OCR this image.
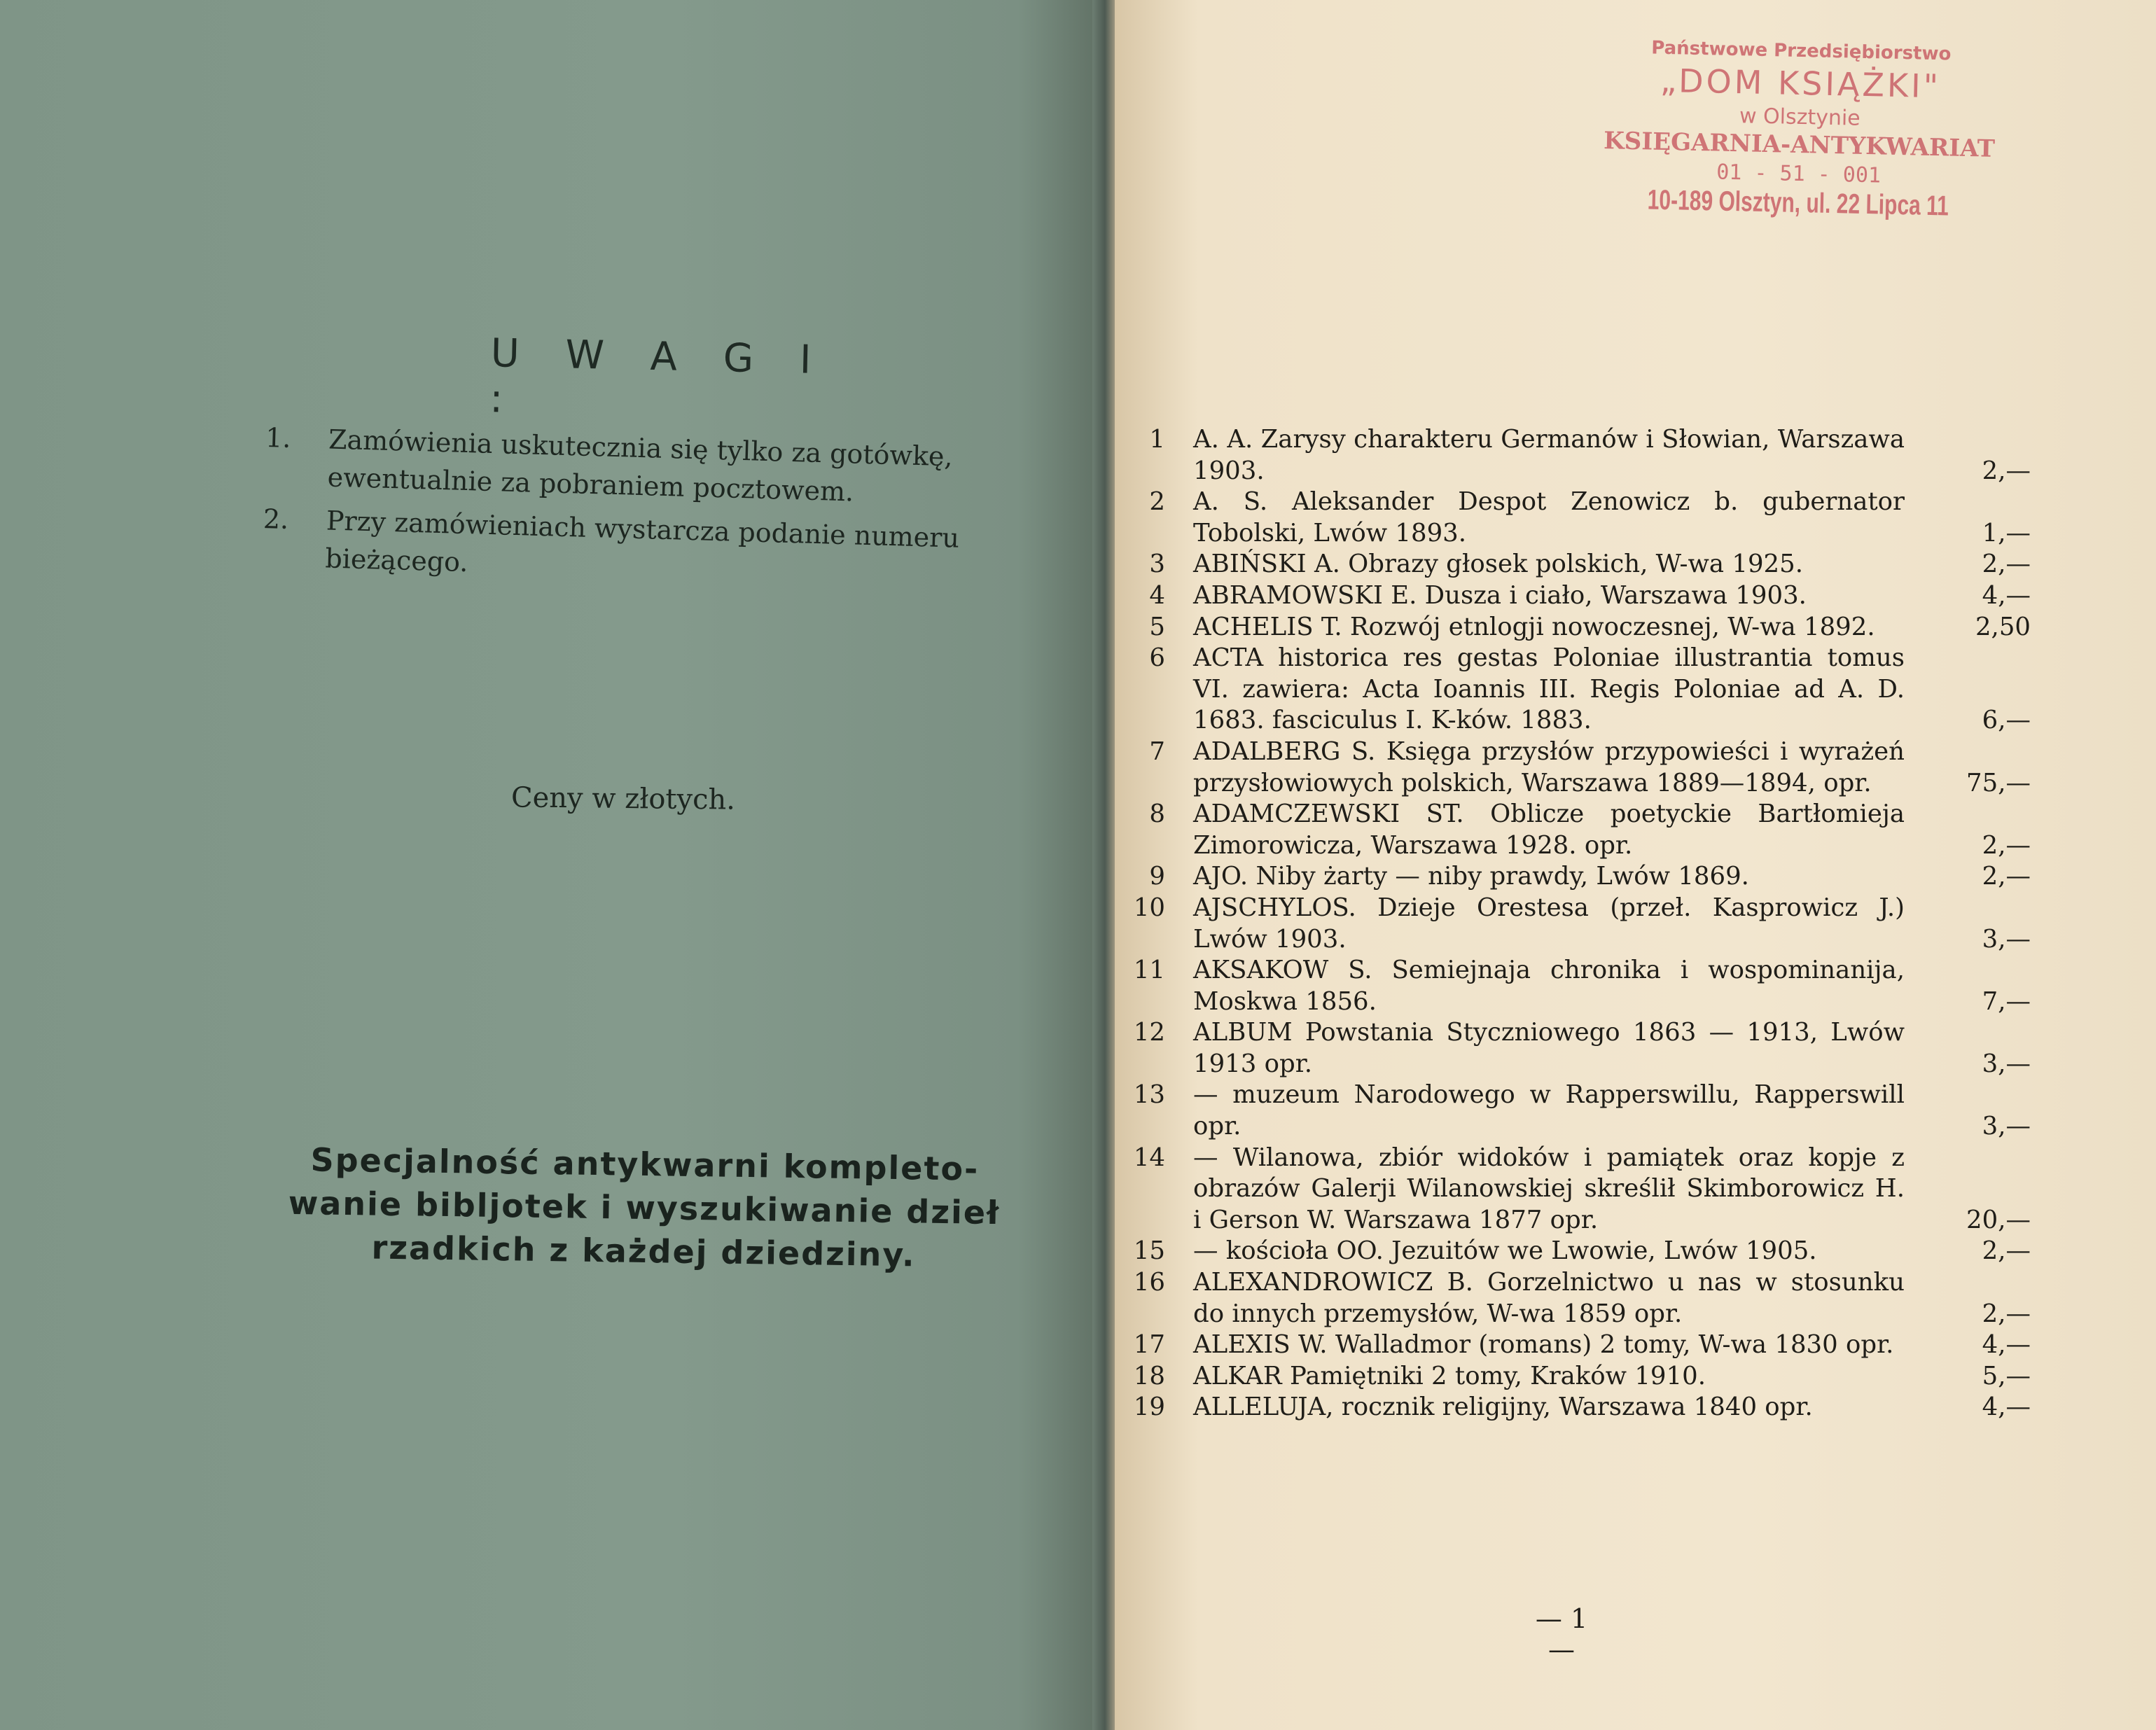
U W A G I :
1.	Zamówienia uskutecznia się tylko za gotówkę, ewentualnie za pobraniem pocztowem.
2.	Przy zamówieniach wystarcza podanie numeru bieżącego.
Ceny w złotych.
Specjalność antykwarni kompleto-
wanie bibljotek i wyszukiwanie dzieł
rzadkich z każdej dziedziny.
Państwowe Przedsiębiorstwo
„DOM KSIĄŻKI"
w Olsztynie
KSIĘGARNIA-ANTYKWARIAT
01 - 51 - 001
10-189 Olsztyn, ul. 22 Lipca 11
1	A. A. Zarysy charakteru Germanów i Słowian, Warszawa 1903.	2,—
2	A. S. Aleksander Despot Zenowicz b. gubernator Tobolski, Lwów 1893.	1,—
3	ABIŃSKI A. Obrazy głosek polskich, W-wa 1925.	2,—
4	ABRAMOWSKI E. Dusza i ciało, Warszawa 1903.	4,—
5	ACHELIS T. Rozwój etnlogji nowoczesnej, W-wa 1892.	2,50
6	ACTA historica res gestas Poloniae illustrantia tomus VI. zawiera: Acta Ioannis III. Regis Poloniae ad A. D. 1683. fasciculus I. K-ków. 1883.	6,—
7	ADALBERG S. Księga przysłów przypowieści i wyrażeń przysłowiowych polskich, Warszawa 1889—1894, opr.	75,—
8	ADAMCZEWSKI ST. Oblicze poetyckie Bartłomieja Zimorowicza, Warszawa 1928. opr.	2,—
9	AJO. Niby żarty — niby prawdy, Lwów 1869.	2,—
10	AJSCHYLOS. Dzieje Orestesa (przeł. Kasprowicz J.) Lwów 1903.	3,—
11	AKSAKOW S. Semiejnaja chronika i wospominanija, Moskwa 1856.	7,—
12	ALBUM Powstania Styczniowego 1863 — 1913, Lwów 1913 opr.	3,—
13	— muzeum Narodowego w Rapperswillu, Rapperswill opr.	3,—
14	— Wilanowa, zbiór widoków i pamiątek oraz kopje z obrazów Galerji Wilanowskiej skreślił Skimborowicz H. i Gerson W. Warszawa 1877 opr.	20,—
15	— kościoła OO. Jezuitów we Lwowie, Lwów 1905.	2,—
16	ALEXANDROWICZ B. Gorzelnictwo u nas w stosunku do innych przemysłów, W-wa 1859 opr.	2,—
17	ALEXIS W. Walladmor (romans) 2 tomy, W-wa 1830 opr.	4,—
18	ALKAR Pamiętniki 2 tomy, Kraków 1910.	5,—
19	ALLELUJA, rocznik religijny, Warszawa 1840 opr.	4,—
— 1 —
